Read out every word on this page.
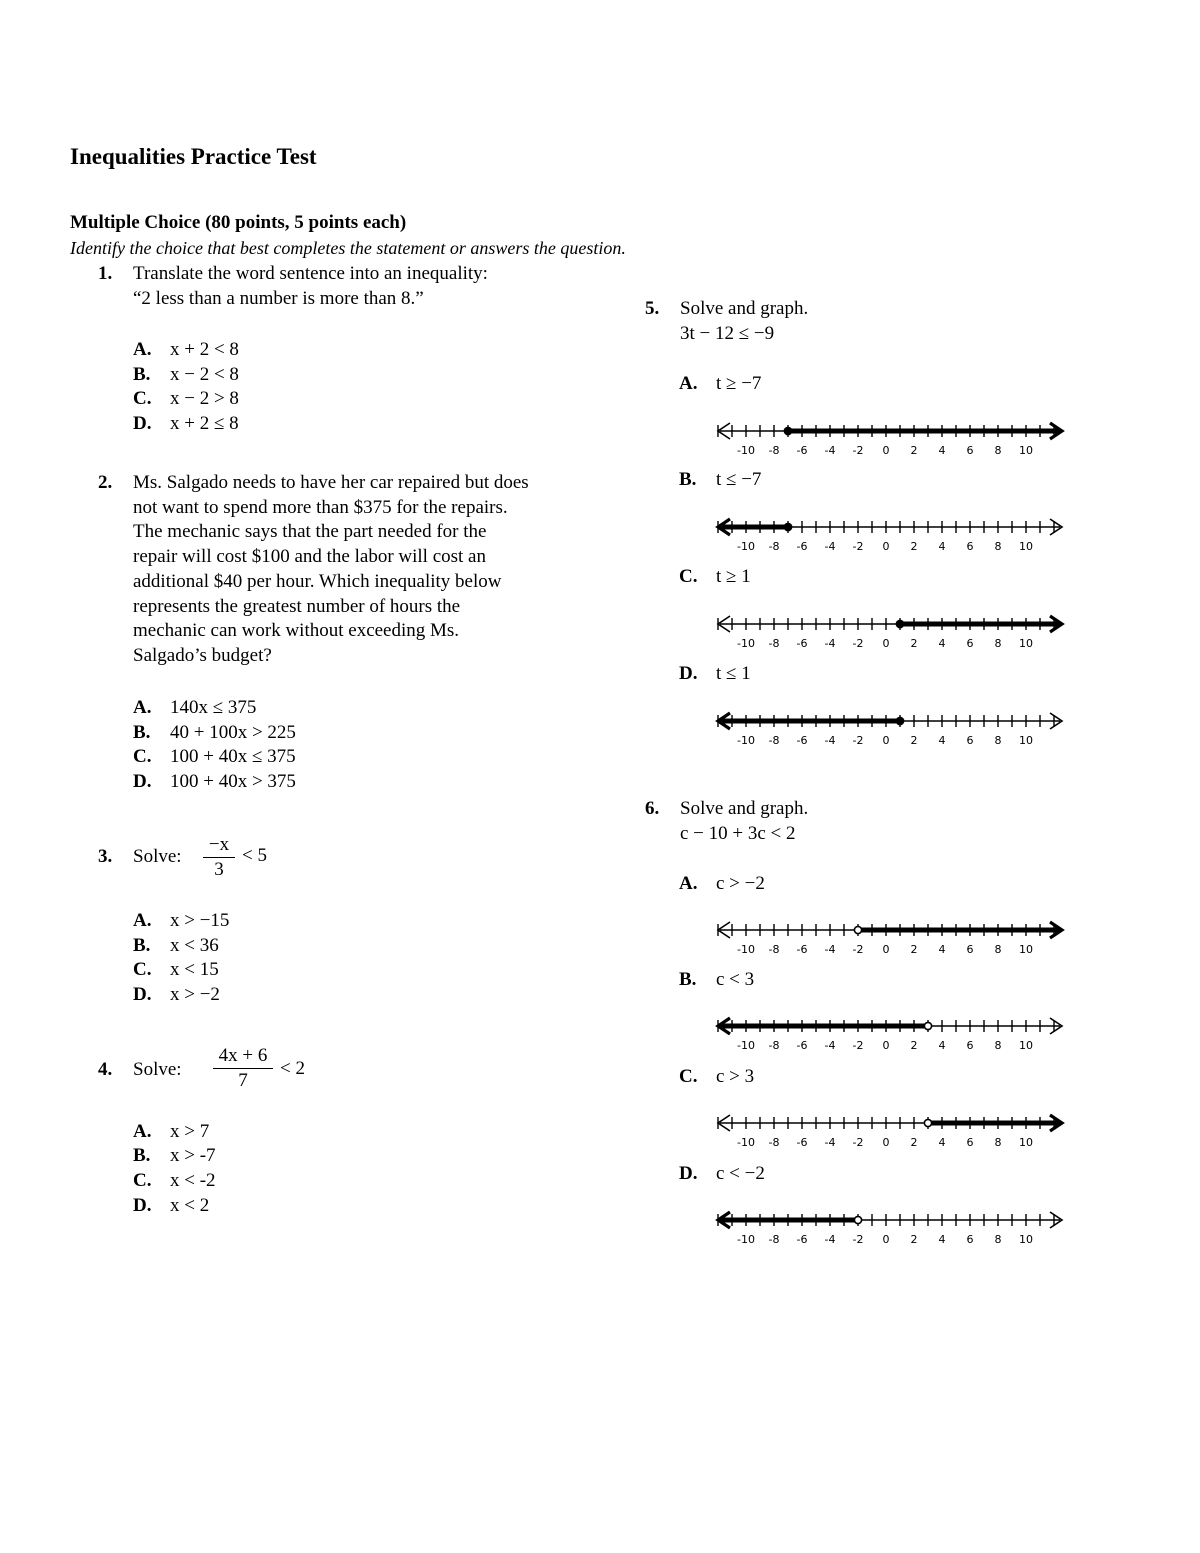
Inequalities Practice Test
Multiple Choice (80 points, 5 points each)
Identify the choice that best completes the statement or answers the question.
1. Translate the word sentence into an inequality:
“2 less than a number is more than 8.”
A. x + 2 < 8
B. x − 2 < 8
C. x − 2 > 8
D. x + 2 ≤ 8
2. Ms. Salgado needs to have her car repaired but does
not want to spend more than $375 for the repairs.
The mechanic says that the part needed for the
repair will cost $100 and the labor will cost an
additional $40 per hour. Which inequality below
represents the greatest number of hours the
mechanic can work without exceeding Ms.
Salgado’s budget?
A. 140x ≤ 375
B. 40 + 100x > 225
C. 100 + 40x ≤ 375
D. 100 + 40x > 375
3. Solve: $\frac{-x}{3} < 5$
A. x > −15
B. x < 36
C. x < 15
D. x > −2
4. Solve: $\frac{4x + 6}{7} < 2$
A. x > 7
B. x > -7
C. x < -2
D. x < 2
5. Solve and graph.
3t − 12 ≤ −9
A. t ≥ −7
-10 -8 -6 -4 -2 0 2 4 6 8 10
B. t ≤ −7
-10 -8 -6 -4 -2 0 2 4 6 8 10
C. t ≥ 1
-10 -8 -6 -4 -2 0 2 4 6 8 10
D. t ≤ 1
-10 -8 -6 -4 -2 0 2 4 6 8 10
6. Solve and graph.
c − 10 + 3c < 2
A. c > −2
-10 -8 -6 -4 -2 0 2 4 6 8 10
B. c < 3
-10 -8 -6 -4 -2 0 2 4 6 8 10
C. c > 3
-10 -8 -6 -4 -2 0 2 4 6 8 10
D. c < −2
-10 -8 -6 -4 -2 0 2 4 6 8 10
